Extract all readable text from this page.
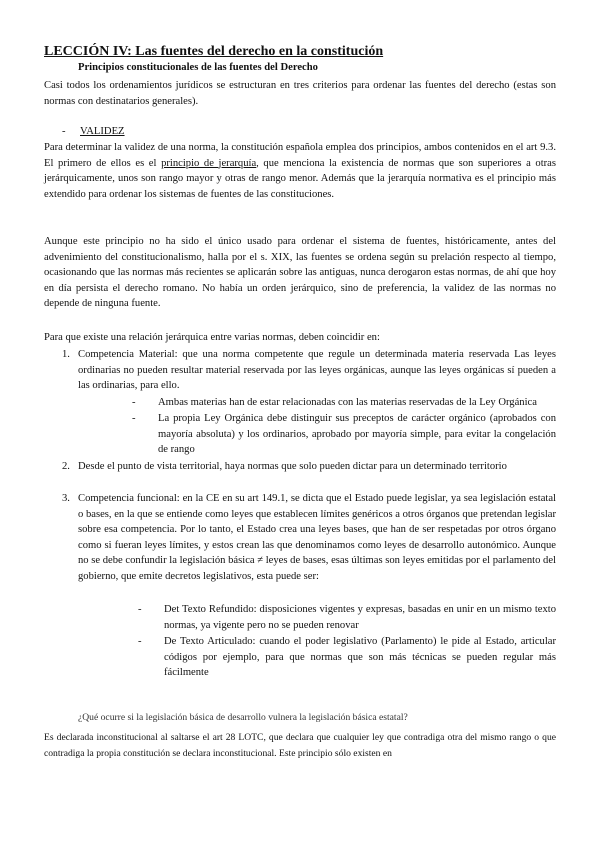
LECCIÓN IV: Las fuentes del derecho en la constitución
Principios constitucionales de las fuentes del Derecho
Casi todos los ordenamientos jurídicos se estructuran en tres criterios para ordenar las fuentes del derecho (estas son normas con destinatarios generales).
- VALIDEZ
Para determinar la validez de una norma, la constitución española emplea dos principios, ambos contenidos en el art 9.3. El primero de ellos es el principio de jerarquía, que menciona la existencia de normas que son superiores a otras jerárquicamente, unos son rango mayor y otras de rango menor. Además que la jerarquía normativa es el principio más extendido para ordenar los sistemas de fuentes de las constituciones.
Aunque este principio no ha sido el único usado para ordenar el sistema de fuentes, históricamente, antes del advenimiento del constitucionalismo, halla por el s. XIX, las fuentes se ordena según su prelación respecto al tiempo, ocasionando que las normas más recientes se aplicarán sobre las antiguas, nunca derogaron estas normas, de ahí que hoy en día persista el derecho romano. No había un orden jerárquico, sino de preferencia, la validez de las normas no depende de ninguna fuente.
Para que existe una relación jerárquica entre varias normas, deben coincidir en:
1. Competencia Material: que una norma competente que regule un determinada materia reservada Las leyes ordinarias no pueden resultar material reservada por las leyes orgánicas, aunque las leyes orgánicas sí pueden a las ordinarias, para ello.
- Ambas materias han de estar relacionadas con las materias reservadas de la Ley Orgánica
- La propia Ley Orgánica debe distinguir sus preceptos de carácter orgánico (aprobados con mayoría absoluta) y los ordinarios, aprobado por mayoría simple, para evitar la congelación de rango
2. Desde el punto de vista territorial, haya normas que solo pueden dictar para un determinado territorio
3. Competencia funcional: en la CE en su art 149.1, se dicta que el Estado puede legislar, ya sea legislación estatal o bases, en la que se entiende como leyes que establecen límites genéricos a otros órganos que pretendan legislar sobre esa competencia. Por lo tanto, el Estado crea una leyes bases, que han de ser respetadas por otros órgano como si fueran leyes límites, y estos crean las que denominamos como leyes de desarrollo autonómico. Aunque no se debe confundir la legislación básica ≠ leyes de bases, esas últimas son leyes emitidas por el parlamento del gobierno, que emite decretos legislativos, esta puede ser:
- Det Texto Refundido: disposiciones vigentes y expresas, basadas en unir en un mismo texto normas, ya vigente pero no se pueden renovar
- De Texto Articulado: cuando el poder legislativo (Parlamento) le pide al Estado, articular códigos por ejemplo, para que normas que son más técnicas se pueden regular más fácilmente
¿Qué ocurre si la legislación básica de desarrollo vulnera la legislación básica estatal?
Es declarada inconstitucional al saltarse el art 28 LOTC, que declara que cualquier ley que contradiga otra del mismo rango o que contradiga la propia constitución se declara inconstitucional. Este principio sólo existen en
